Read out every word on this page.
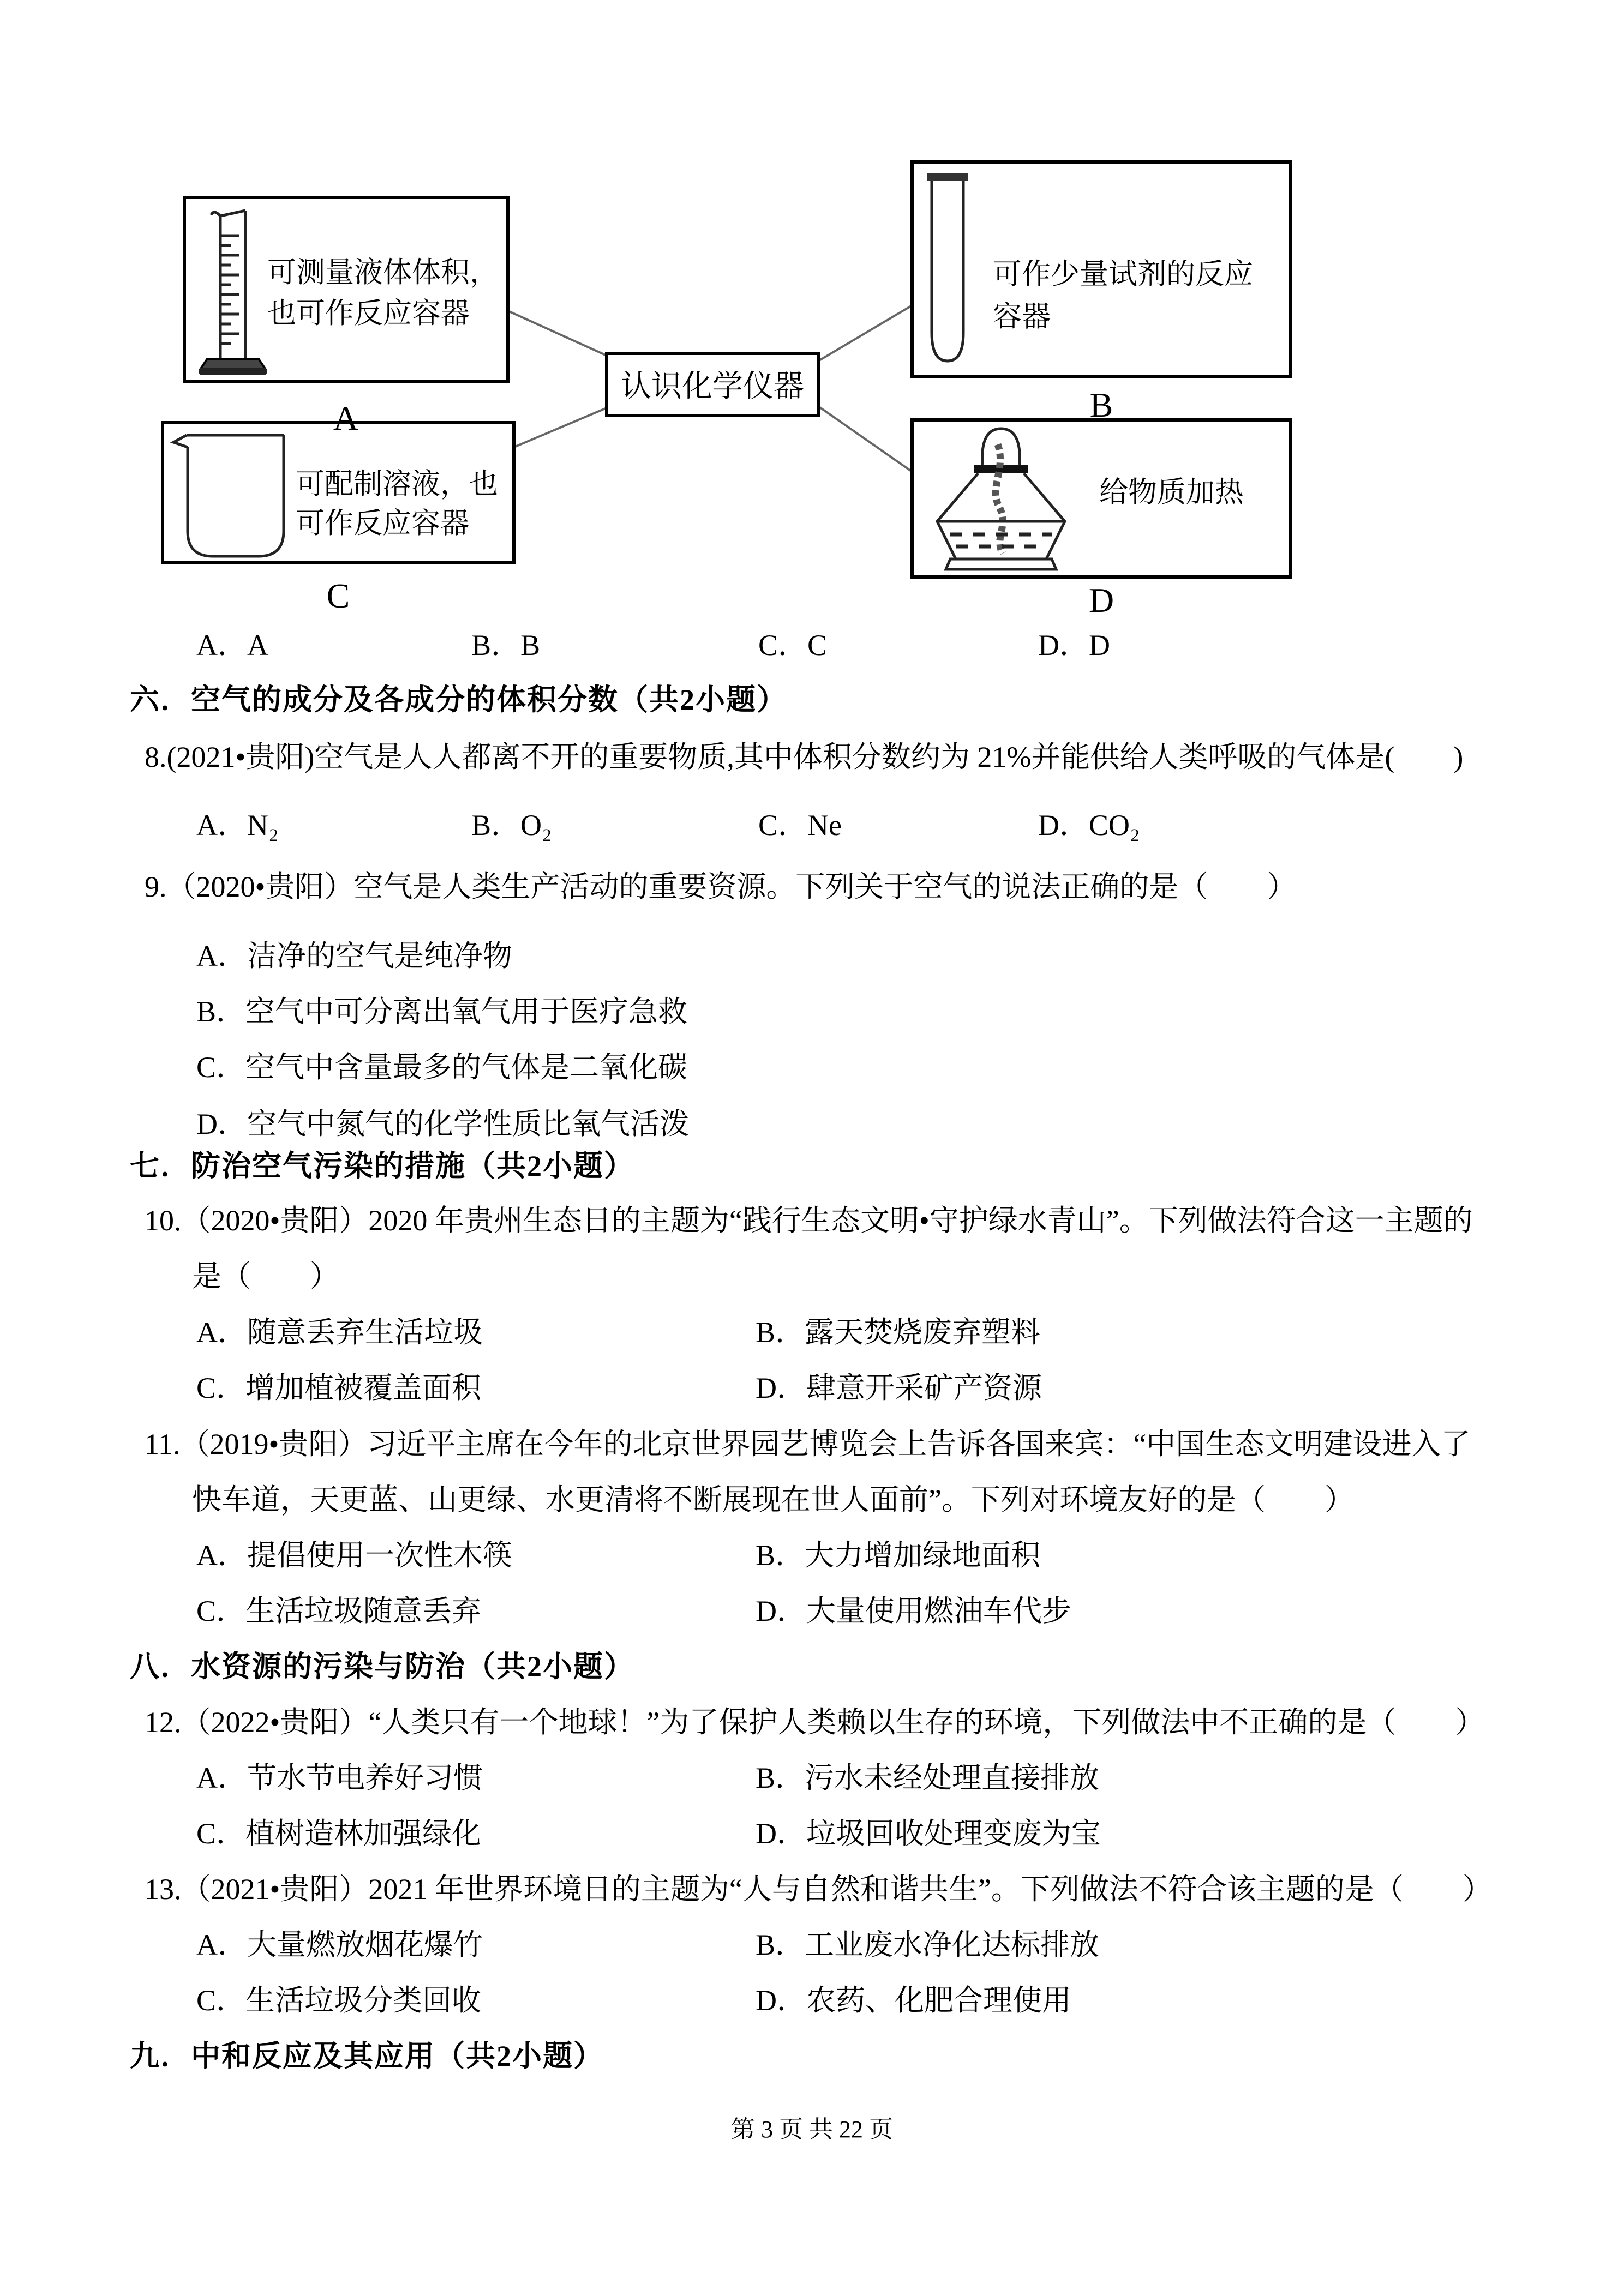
可测量液体体积，
也可作反应容器
可作少量试剂的反应
容器
可配制溶液，也
可作反应容器
给物质加热
认识化学仪器
A	B
C	D
A．A	B．B	C．C	D．D
六．空气的成分及各成分的体积分数（共2小题）
8.(2021•贵阳)空气是人人都离不开的重要物质,其中体积分数约为 21%并能供给人类呼吸的气体是(　　)
A．N₂	B．O₂	C．Ne	D．CO₂
9.（2020•贵阳）空气是人类生产活动的重要资源。下列关于空气的说法正确的是（　　）
A．洁净的空气是纯净物
B．空气中可分离出氧气用于医疗急救
C．空气中含量最多的气体是二氧化碳
D．空气中氮气的化学性质比氧气活泼
七．防治空气污染的措施（共2小题）
10.（2020•贵阳）2020 年贵州生态日的主题为“践行生态文明•守护绿水青山”。下列做法符合这一主题的
是（　　）
A．随意丢弃生活垃圾	B．露天焚烧废弃塑料
C．增加植被覆盖面积	D．肆意开采矿产资源
11.（2019•贵阳）习近平主席在今年的北京世界园艺博览会上告诉各国来宾：“中国生态文明建设进入了
快车道，天更蓝、山更绿、水更清将不断展现在世人面前”。下列对环境友好的是（　　）
A．提倡使用一次性木筷	B．大力增加绿地面积
C．生活垃圾随意丢弃	D．大量使用燃油车代步
八．水资源的污染与防治（共2小题）
12.（2022•贵阳）“人类只有一个地球！”为了保护人类赖以生存的环境，下列做法中不正确的是（　　）
A．节水节电养好习惯	B．污水未经处理直接排放
C．植树造林加强绿化	D．垃圾回收处理变废为宝
13.（2021•贵阳）2021 年世界环境日的主题为“人与自然和谐共生”。下列做法不符合该主题的是（　　）
A．大量燃放烟花爆竹	B．工业废水净化达标排放
C．生活垃圾分类回收	D．农药、化肥合理使用
九．中和反应及其应用（共2小题）
第 3 页 共 22 页
